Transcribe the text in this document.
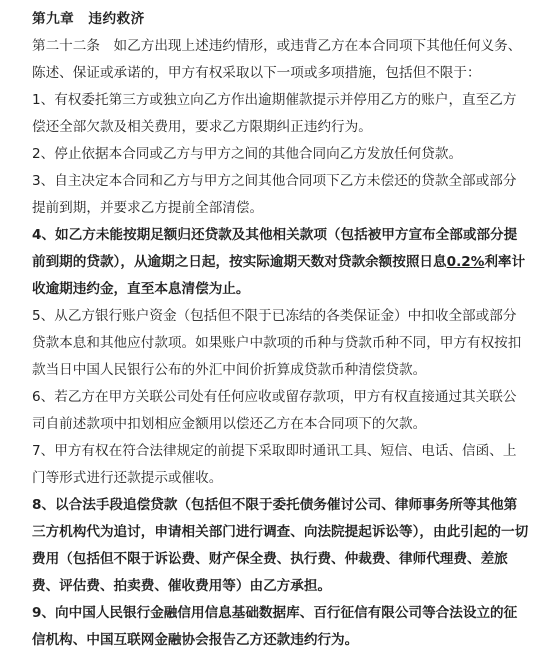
第九章　违约救济

第二十二条　如乙方出现上述违约情形，或违背乙方在本合同项下其他任何义务、陈述、保证或承诺的，甲方有权采取以下一项或多项措施，包括但不限于：

1、有权委托第三方或独立向乙方作出逾期催款提示并停用乙方的账户，直至乙方偿还全部欠款及相关费用，要求乙方限期纠正违约行为。

2、停止依据本合同或乙方与甲方之间的其他合同向乙方发放任何贷款。

3、自主决定本合同和乙方与甲方之间其他合同项下乙方未偿还的贷款全部或部分提前到期，并要求乙方提前全部清偿。

4、如乙方未能按期足额归还贷款及其他相关款项（包括被甲方宣布全部或部分提前到期的贷款），从逾期之日起，按实际逾期天数对贷款余额按照日息0.2%利率计收逾期违约金，直至本息清偿为止。

5、从乙方银行账户资金（包括但不限于已冻结的各类保证金）中扣收全部或部分贷款本息和其他应付款项。如果账户中款项的币种与贷款币种不同，甲方有权按扣款当日中国人民银行公布的外汇中间价折算成贷款币种清偿贷款。

6、若乙方在甲方关联公司处有任何应收或留存款项，甲方有权直接通过其关联公司自前述款项中扣划相应金额用以偿还乙方在本合同项下的欠款。

7、甲方有权在符合法律规定的前提下采取即时通讯工具、短信、电话、信函、上门等形式进行还款提示或催收。

8、以合法手段追偿贷款（包括但不限于委托债务催讨公司、律师事务所等其他第三方机构代为追讨，申请相关部门进行调查、向法院提起诉讼等），由此引起的一切费用（包括但不限于诉讼费、财产保全费、执行费、仲裁费、律师代理费、差旅费、评估费、拍卖费、催收费用等）由乙方承担。

9、向中国人民银行金融信用信息基础数据库、百行征信有限公司等合法设立的征信机构、中国互联网金融协会报告乙方还款违约行为。
